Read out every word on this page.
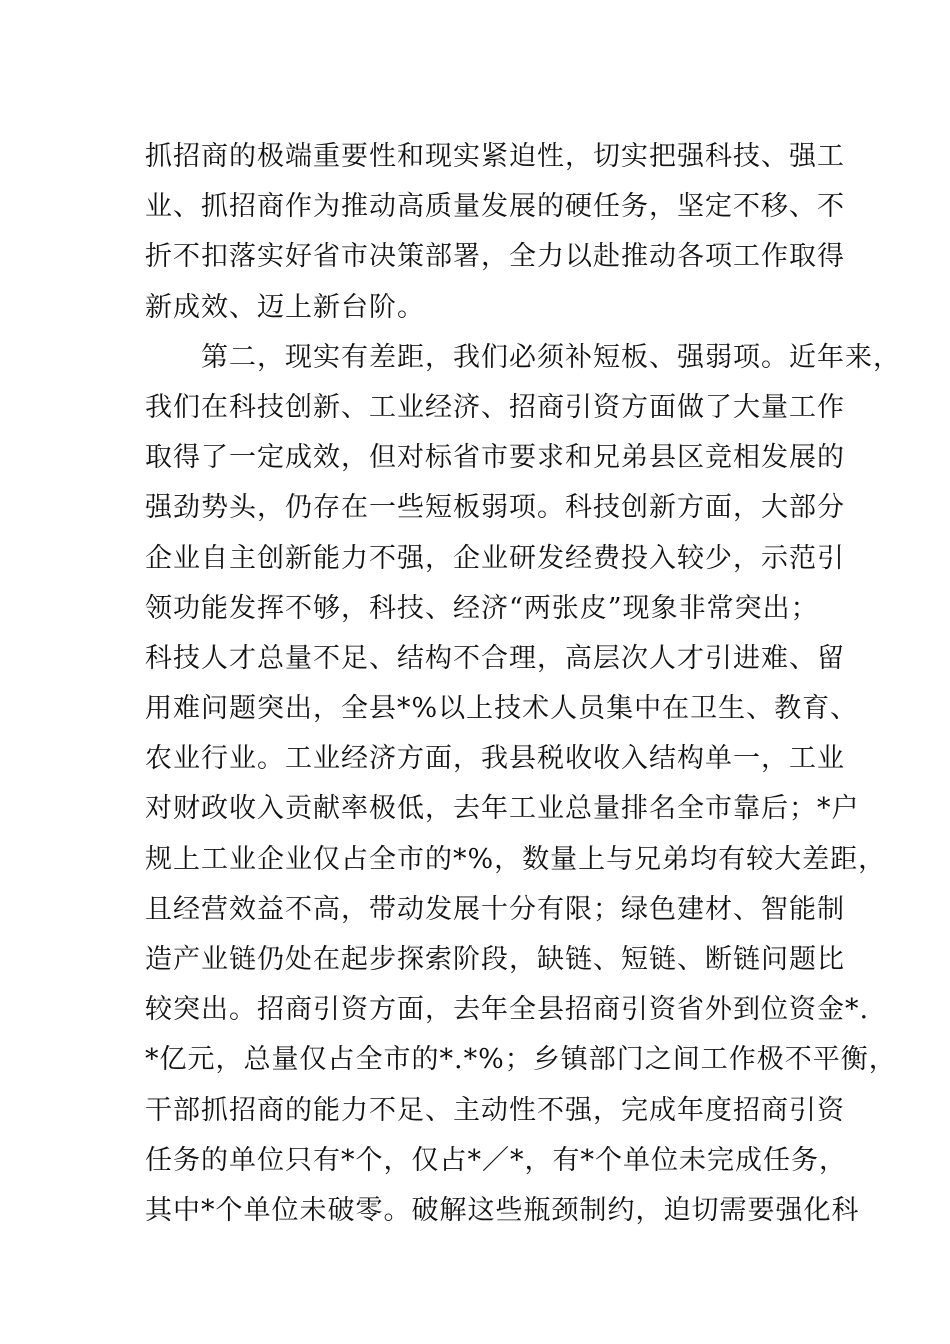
抓招商的极端重要性和现实紧迫性，切实把强科技、强工
业、抓招商作为推动高质量发展的硬任务，坚定不移、不
折不扣落实好省市决策部署，全力以赴推动各项工作取得
新成效、迈上新台阶。
　　第二，现实有差距，我们必须补短板、强弱项。近年来，
我们在科技创新、工业经济、招商引资方面做了大量工作
取得了一定成效，但对标省市要求和兄弟县区竞相发展的
强劲势头，仍存在一些短板弱项。科技创新方面，大部分
企业自主创新能力不强，企业研发经费投入较少，示范引
领功能发挥不够，科技、经济“两张皮”现象非常突出；
科技人才总量不足、结构不合理，高层次人才引进难、留
用难问题突出，全县*%以上技术人员集中在卫生、教育、
农业行业。工业经济方面，我县税收收入结构单一，工业
对财政收入贡献率极低，去年工业总量排名全市靠后；*户
规上工业企业仅占全市的*%，数量上与兄弟均有较大差距，
且经营效益不高，带动发展十分有限；绿色建材、智能制
造产业链仍处在起步探索阶段，缺链、短链、断链问题比
较突出。招商引资方面，去年全县招商引资省外到位资金*.
*亿元，总量仅占全市的*.*%；乡镇部门之间工作极不平衡，
干部抓招商的能力不足、主动性不强，完成年度招商引资
任务的单位只有*个，仅占*／*，有*个单位未完成任务，
其中*个单位未破零。破解这些瓶颈制约，迫切需要强化科
